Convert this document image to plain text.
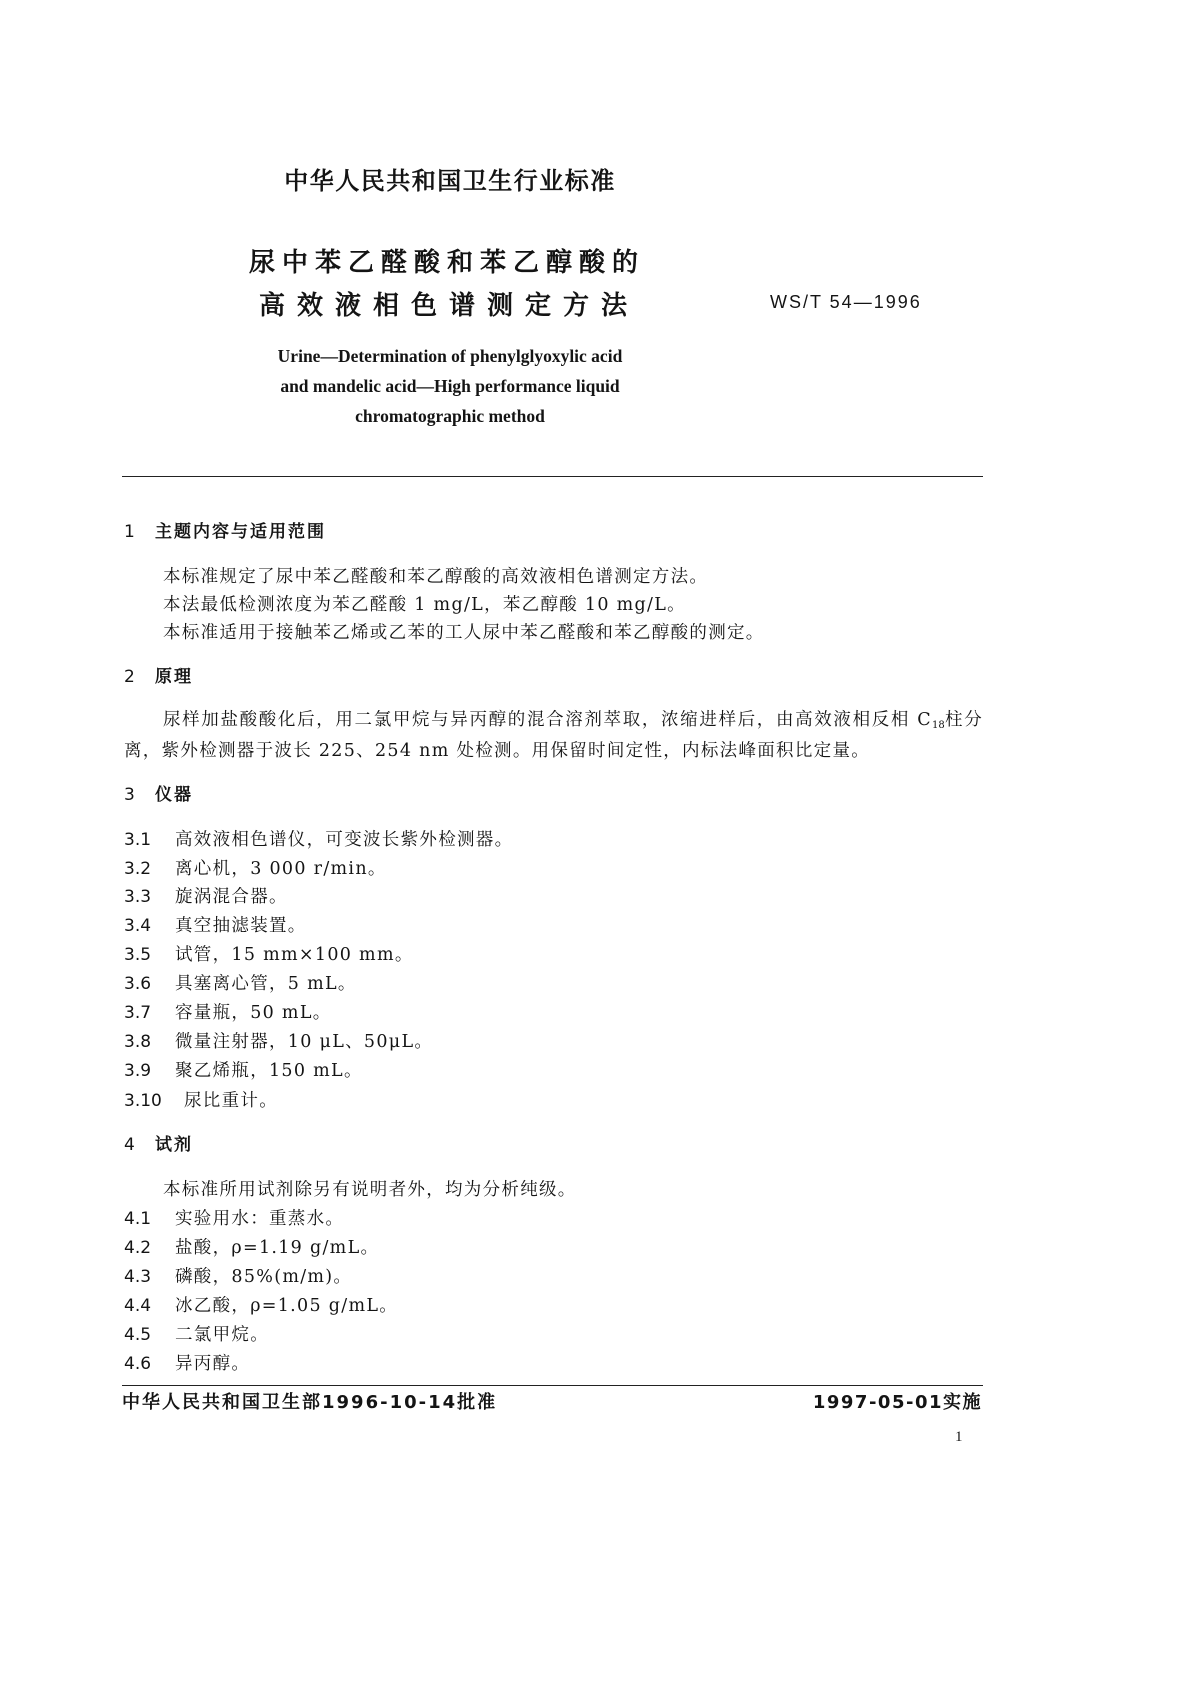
中华人民共和国卫生行业标准
尿中苯乙醛酸和苯乙醇酸的
高效液相色谱测定方法	WS/T 54—1996
Urine—Determination of phenylglyoxylic acid
and mandelic acid—High performance liquid
chromatographic method
1 主题内容与适用范围
本标准规定了尿中苯乙醛酸和苯乙醇酸的高效液相色谱测定方法。
本法最低检测浓度为苯乙醛酸 1 mg/L，苯乙醇酸 10 mg/L。
本标准适用于接触苯乙烯或乙苯的工人尿中苯乙醛酸和苯乙醇酸的测定。
2 原理
尿样加盐酸酸化后，用二氯甲烷与异丙醇的混合溶剂萃取，浓缩进样后，由高效液相反相 $C_{18}$柱分
离，紫外检测器于波长 225、254 nm 处检测。用保留时间定性，内标法峰面积比定量。
3 仪器
3.1 高效液相色谱仪，可变波长紫外检测器。
3.2 离心机，3 000 r/min。
3.3 旋涡混合器。
3.4 真空抽滤装置。
3.5 试管，15 mm×100 mm。
3.6 具塞离心管，5 mL。
3.7 容量瓶，50 mL。
3.8 微量注射器，10 μL、50μL。
3.9 聚乙烯瓶，150 mL。
3.10 尿比重计。
4 试剂
本标准所用试剂除另有说明者外，均为分析纯级。
4.1 实验用水：重蒸水。
4.2 盐酸，ρ=1.19 g/mL。
4.3 磷酸，85%(m/m)。
4.4 冰乙酸，ρ=1.05 g/mL。
4.5 二氯甲烷。
4.6 异丙醇。
中华人民共和国卫生部1996-10-14批准	1997-05-01实施
1
